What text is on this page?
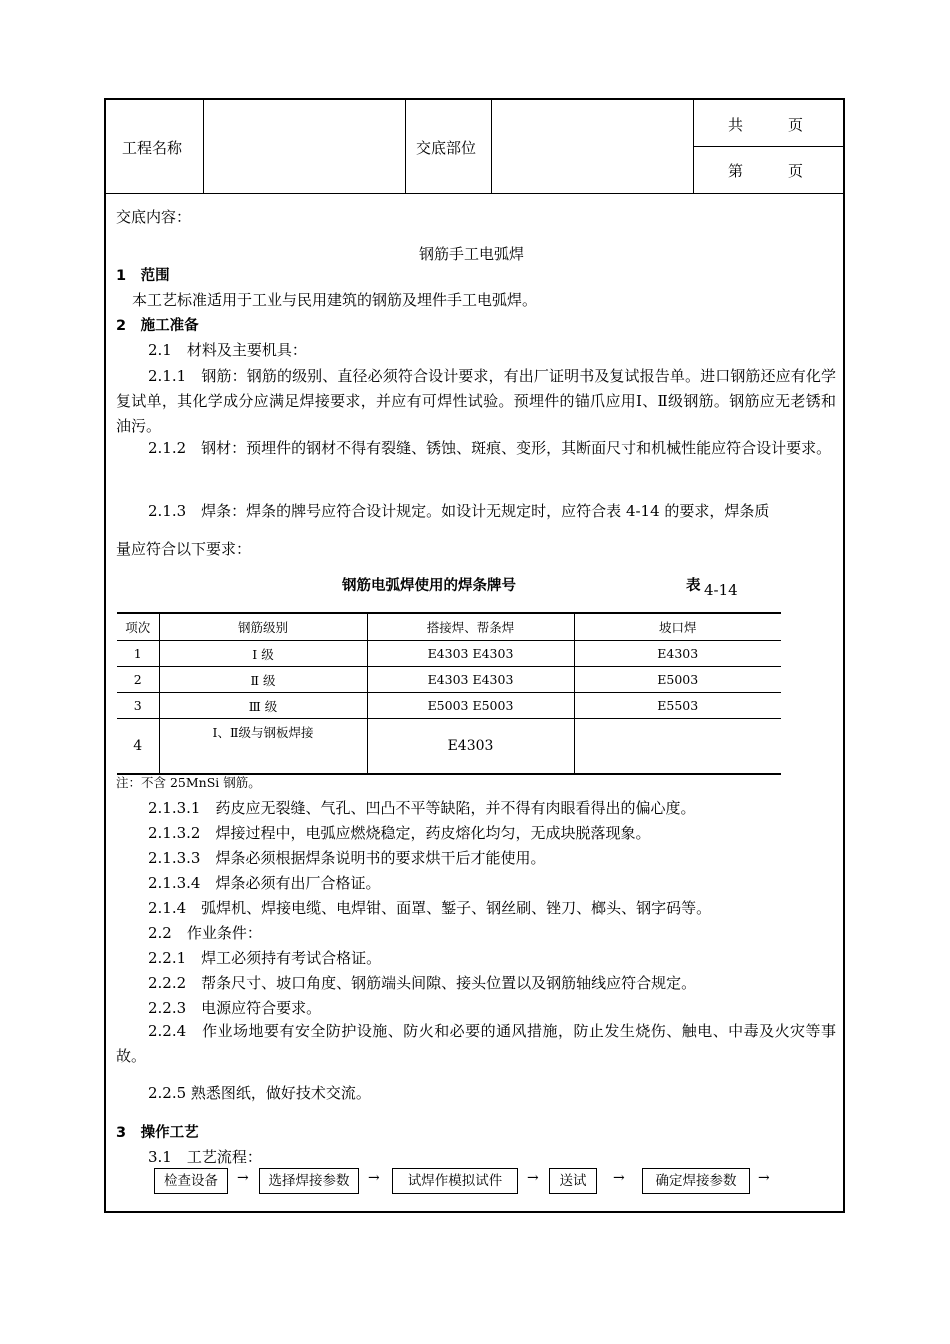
工程名称	交底部位
共　　　页
第　　　页
交底内容：
钢筋手工电弧焊
1　范围
本工艺标准适用于工业与民用建筑的钢筋及埋件手工电弧焊。
2　施工准备
2.1　材料及主要机具：
2.1.1　钢筋：钢筋的级别、直径必须符合设计要求，有出厂证明书及复试报告单。进口钢筋还应有化学复试单，其化学成分应满足焊接要求，并应有可焊性试验。预埋件的锚爪应用Ⅰ、Ⅱ级钢筋。钢筋应无老锈和油污。
2.1.2　钢材：预埋件的钢材不得有裂缝、锈蚀、斑痕、变形，其断面尺寸和机械性能应符合设计要求。
2.1.3　焊条：焊条的牌号应符合设计规定。如设计无规定时，应符合表 4-14 的要求，焊条质
量应符合以下要求：
钢筋电弧焊使用的焊条牌号	表 4-14
项次	钢筋级别	搭接焊、帮条焊	坡口焊
1	Ⅰ 级	E4303 E4303	E4303
2	Ⅱ 级	E4303 E4303	E5003
3	Ⅲ 级	E5003 E5003	E5503
4	Ⅰ、Ⅱ级与钢板焊接	E4303	
注：不含 25MnSi 钢筋。
2.1.3.1　药皮应无裂缝、气孔、凹凸不平等缺陷，并不得有肉眼看得出的偏心度。
2.1.3.2　焊接过程中，电弧应燃烧稳定，药皮熔化均匀，无成块脱落现象。
2.1.3.3　焊条必须根据焊条说明书的要求烘干后才能使用。
2.1.3.4　焊条必须有出厂合格证。
2.1.4　弧焊机、焊接电缆、电焊钳、面罩、錾子、钢丝刷、锉刀、榔头、钢字码等。
2.2　作业条件：
2.2.1　焊工必须持有考试合格证。
2.2.2　帮条尺寸、坡口角度、钢筋端头间隙、接头位置以及钢筋轴线应符合规定。
2.2.3　电源应符合要求。
2.2.4　作业场地要有安全防护设施、防火和必要的通风措施，防止发生烧伤、触电、中毒及火灾等事故。
2.2.5 熟悉图纸，做好技术交流。
3　操作工艺
3.1　工艺流程：
检查设备	→	选择焊接参数	→	试焊作模拟试件	→	送试	→	确定焊接参数	→
